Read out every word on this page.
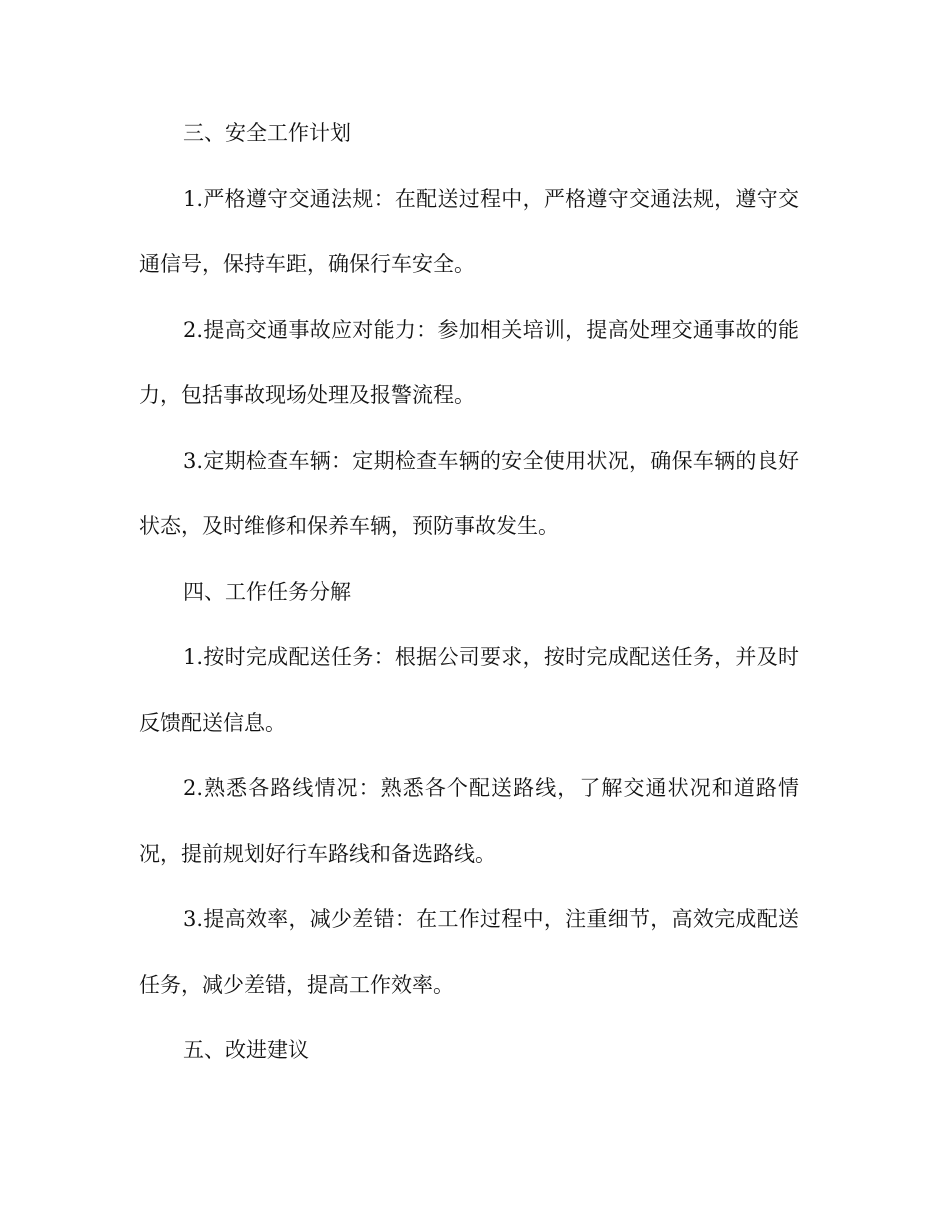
三、安全工作计划

1.严格遵守交通法规：在配送过程中，严格遵守交通法规，遵守交通信号，保持车距，确保行车安全。

2.提高交通事故应对能力：参加相关培训，提高处理交通事故的能力，包括事故现场处理及报警流程。

3.定期检查车辆：定期检查车辆的安全使用状况，确保车辆的良好状态，及时维修和保养车辆，预防事故发生。

四、工作任务分解

1.按时完成配送任务：根据公司要求，按时完成配送任务，并及时反馈配送信息。

2.熟悉各路线情况：熟悉各个配送路线，了解交通状况和道路情况，提前规划好行车路线和备选路线。

3.提高效率，减少差错：在工作过程中，注重细节，高效完成配送任务，减少差错，提高工作效率。

五、改进建议
